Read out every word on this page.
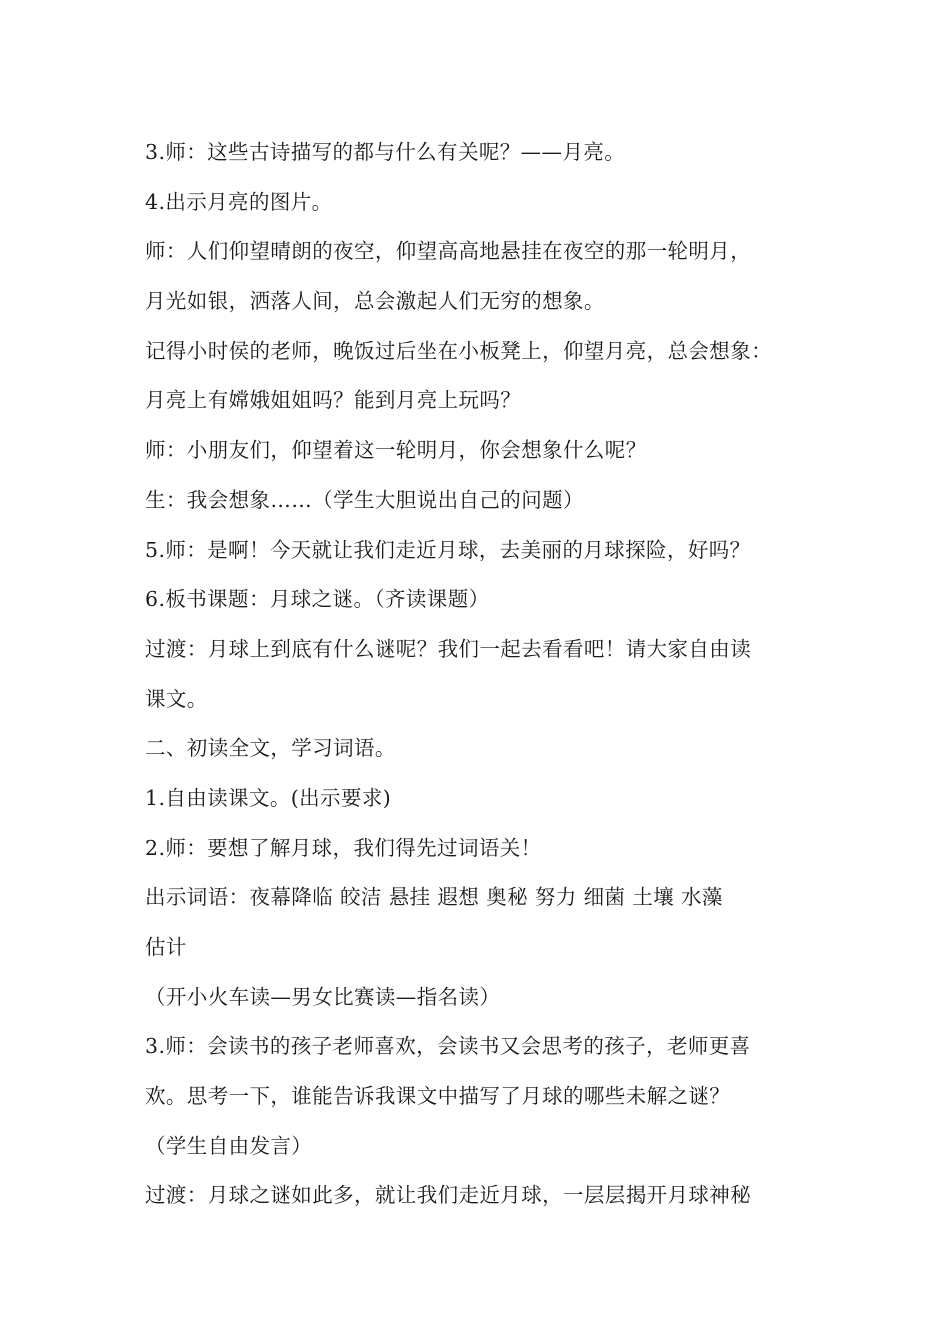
3.师：这些古诗描写的都与什么有关呢？——月亮。
4.出示月亮的图片。
师：人们仰望晴朗的夜空，仰望高高地悬挂在夜空的那一轮明月，
月光如银，洒落人间，总会激起人们无穷的想象。
记得小时侯的老师，晚饭过后坐在小板凳上，仰望月亮，总会想象：
月亮上有嫦娥姐姐吗？能到月亮上玩吗？
师：小朋友们，仰望着这一轮明月，你会想象什么呢？
生：我会想象……（学生大胆说出自己的问题）
5.师：是啊！今天就让我们走近月球，去美丽的月球探险，好吗？
6.板书课题：月球之谜。（齐读课题）
过渡：月球上到底有什么谜呢？我们一起去看看吧！请大家自由读
课文。
二、初读全文，学习词语。
1.自由读课文。(出示要求)
2.师：要想了解月球，我们得先过词语关！
出示词语：夜幕降临 皎洁 悬挂 遐想 奥秘 努力 细菌 土壤 水藻
估计
（开小火车读—男女比赛读—指名读）
3.师：会读书的孩子老师喜欢，会读书又会思考的孩子，老师更喜
欢。思考一下，谁能告诉我课文中描写了月球的哪些未解之谜？
（学生自由发言）
过渡：月球之谜如此多，就让我们走近月球，一层层揭开月球神秘
